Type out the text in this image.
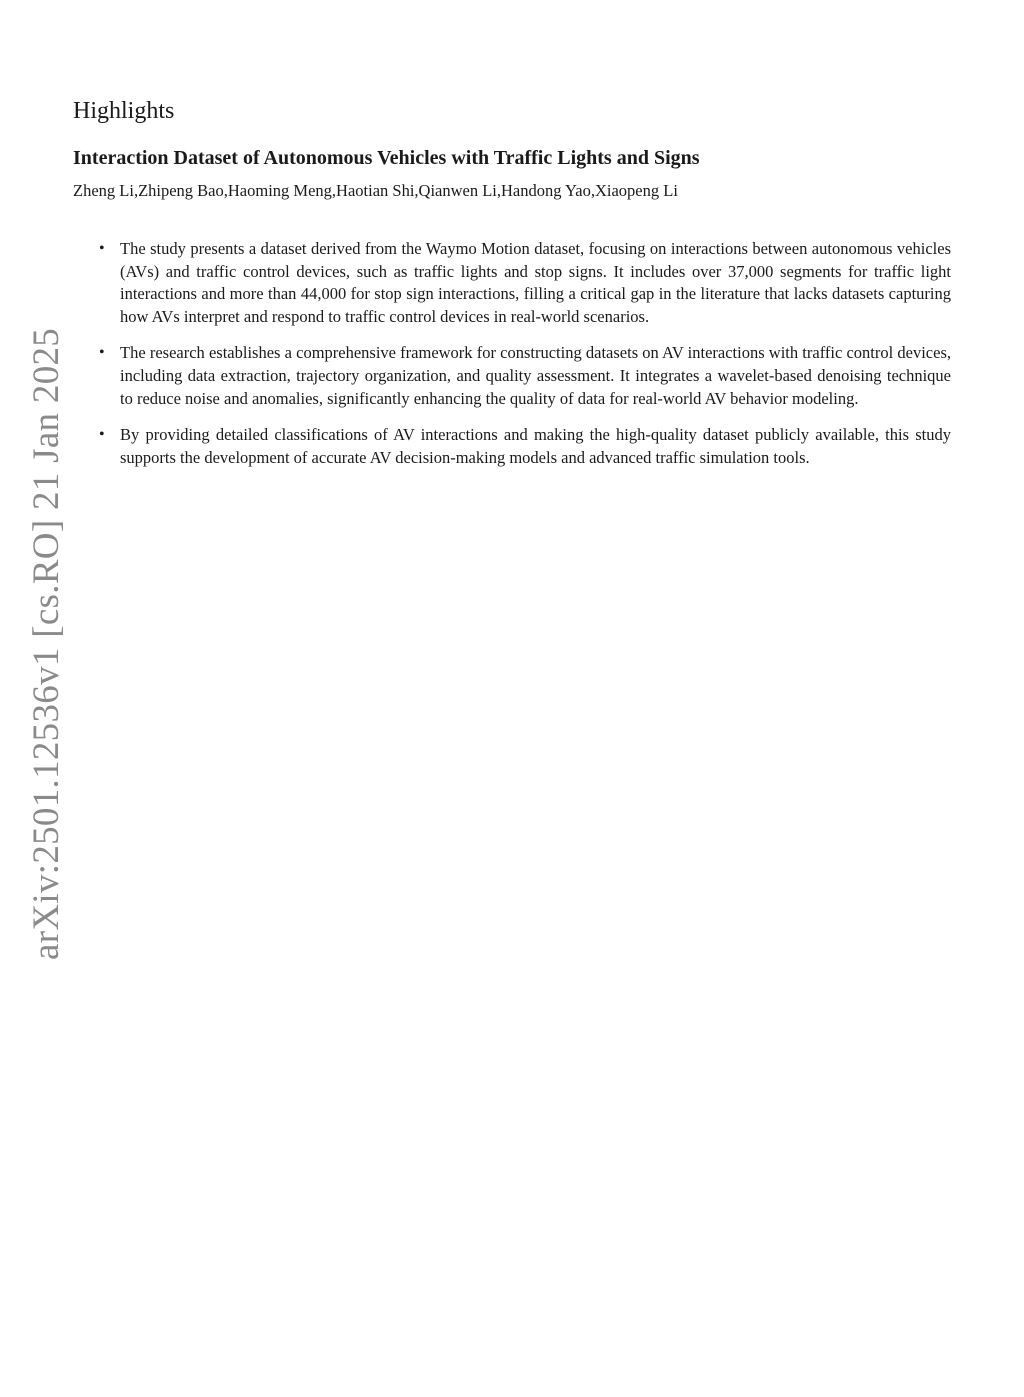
arXiv:2501.12536v1 [cs.RO] 21 Jan 2025
Highlights
Interaction Dataset of Autonomous Vehicles with Traffic Lights and Signs

Zheng Li,Zhipeng Bao,Haoming Meng,Haotian Shi,Qianwen Li,Handong Yao,Xiaopeng Li

• The study presents a dataset derived from the Waymo Motion dataset, focusing on interactions between autonomous vehicles (AVs) and traffic control devices, such as traffic lights and stop signs. It includes over 37,000 segments for traffic light interactions and more than 44,000 for stop sign interactions, filling a critical gap in the literature that lacks datasets capturing how AVs interpret and respond to traffic control devices in real-world scenarios.
• The research establishes a comprehensive framework for constructing datasets on AV interactions with traffic control devices, including data extraction, trajectory organization, and quality assessment. It integrates a wavelet-based denoising technique to reduce noise and anomalies, significantly enhancing the quality of data for real-world AV behavior modeling.
• By providing detailed classifications of AV interactions and making the high-quality dataset publicly available, this study supports the development of accurate AV decision-making models and advanced traffic simulation tools.
